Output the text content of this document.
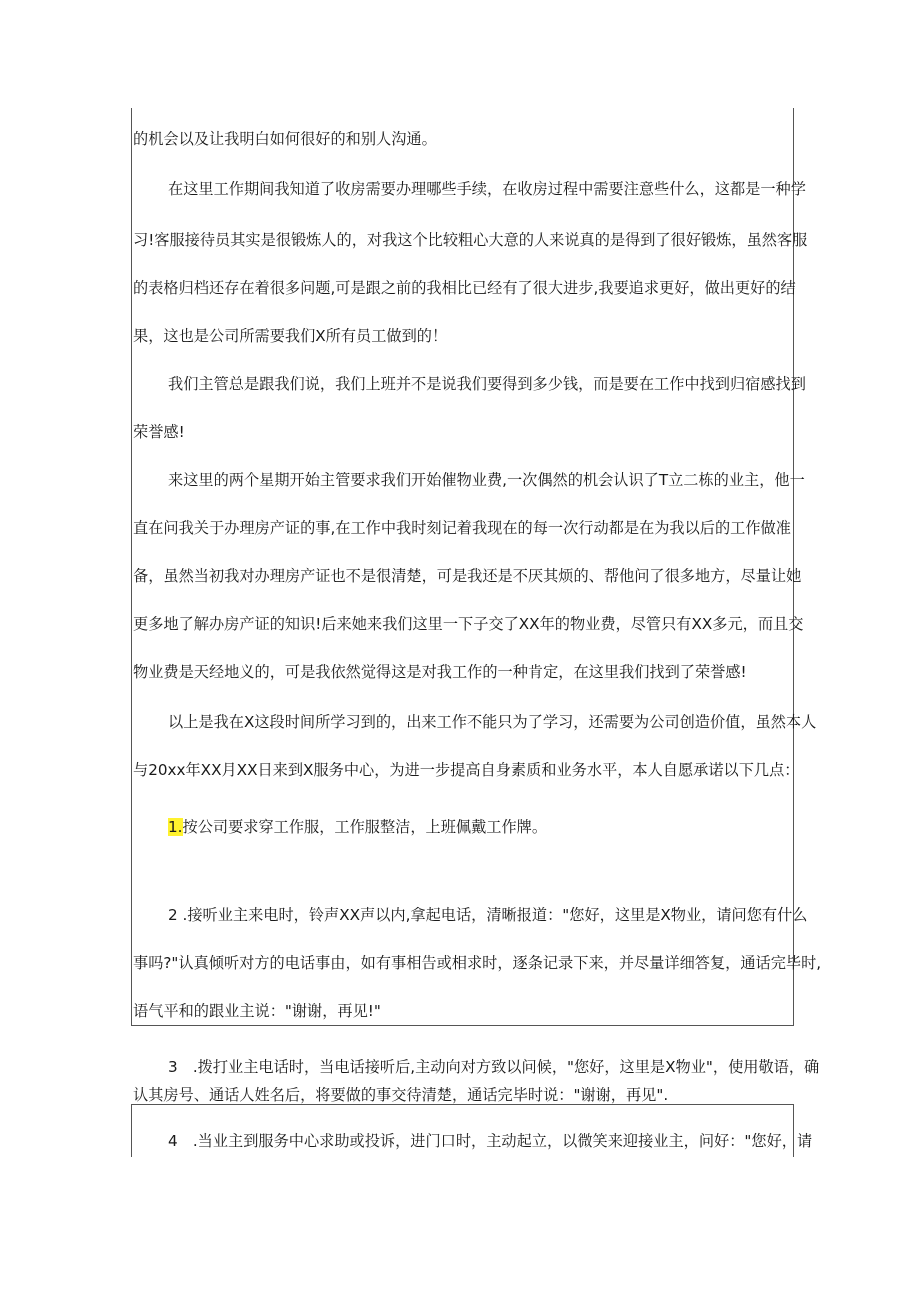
的机会以及让我明白如何很好的和别人沟通。
在这里工作期间我知道了收房需要办理哪些手续，在收房过程中需要注意些什么，这都是一种学
习!客服接待员其实是很锻炼人的，对我这个比较粗心大意的人来说真的是得到了很好锻炼，虽然客服
的表格归档还存在着很多问题,可是跟之前的我相比已经有了很大进步,我要追求更好，做出更好的结
果，这也是公司所需要我们X所有员工做到的！
我们主管总是跟我们说，我们上班并不是说我们要得到多少钱，而是要在工作中找到归宿感找到
荣誉感!
来这里的两个星期开始主管要求我们开始催物业费,一次偶然的机会认识了T立二栋的业主，他一
直在问我关于办理房产证的事,在工作中我时刻记着我现在的每一次行动都是在为我以后的工作做准
备，虽然当初我对办理房产证也不是很清楚，可是我还是不厌其烦的、帮他问了很多地方，尽量让她
更多地了解办房产证的知识!后来她来我们这里一下子交了XX年的物业费，尽管只有XX多元，而且交
物业费是天经地义的，可是我依然觉得这是对我工作的一种肯定，在这里我们找到了荣誉感!
以上是我在X这段时间所学习到的，出来工作不能只为了学习，还需要为公司创造价值，虽然本人
与20xx年XX月XX日来到X服务中心，为进一步提高自身素质和业务水平，本人自愿承诺以下几点：
1.按公司要求穿工作服，工作服整洁，上班佩戴工作牌。
2 .接听业主来电时，铃声XX声以内,拿起电话，清晰报道："您好，这里是X物业，请问您有什么
事吗?"认真倾听对方的电话事由，如有事相告或相求时，逐条记录下来，并尽量详细答复，通话完毕时,
语气平和的跟业主说："谢谢，再见!"
3　.拨打业主电话时，当电话接听后,主动向对方致以问候，"您好，这里是X物业"，使用敬语，确
认其房号、通话人姓名后，将要做的事交待清楚，通话完毕时说："谢谢，再见".
4　.当业主到服务中心求助或投诉，进门口时，主动起立，以微笑来迎接业主，问好："您好，请
